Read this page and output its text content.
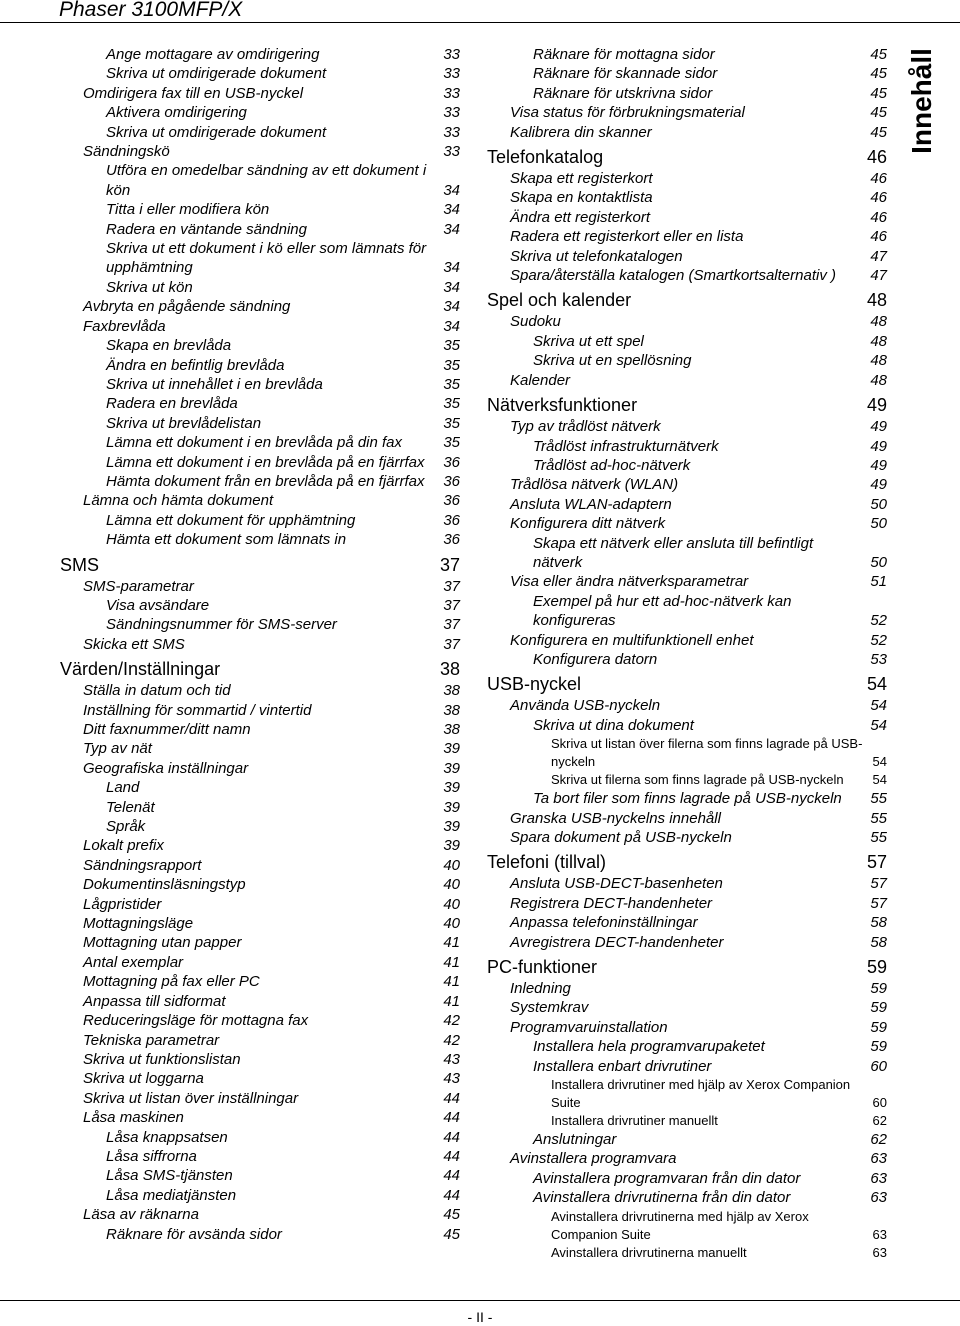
Phaser 3100MFP/X
Innehåll
Ange mottagare av omdirigering	33
Skriva ut omdirigerade dokument	33
Omdirigera fax till en USB-nyckel	33
Aktivera omdirigering	33
Skriva ut omdirigerade dokument	33
Sändningskö	33
Utföra en omedelbar sändning av ett dokument i kön	34
Titta i eller modifiera kön	34
Radera en väntande sändning	34
Skriva ut ett dokument i kö eller som lämnats för upphämtning	34
Skriva ut kön	34
Avbryta en pågående sändning	34
Faxbrevlåda	34
Skapa en brevlåda	35
Ändra en befintlig brevlåda	35
Skriva ut innehållet i en brevlåda	35
Radera en brevlåda	35
Skriva ut brevlådelistan	35
Lämna ett dokument i en brevlåda på din fax	35
Lämna ett dokument i en brevlåda på en fjärrfax	36
Hämta dokument från en brevlåda på en fjärrfax	36
Lämna och hämta dokument	36
Lämna ett dokument för upphämtning	36
Hämta ett dokument som lämnats in	36
SMS	37
SMS-parametrar	37
Visa avsändare	37
Sändningsnummer för SMS-server	37
Skicka ett SMS	37
Värden/Inställningar	38
Ställa in datum och tid	38
Inställning för sommartid / vintertid	38
Ditt faxnummer/ditt namn	38
Typ av nät	39
Geografiska inställningar	39
Land	39
Telenät	39
Språk	39
Lokalt prefix	39
Sändningsrapport	40
Dokumentinsläsningstyp	40
Lågpristider	40
Mottagningsläge	40
Mottagning utan papper	41
Antal exemplar	41
Mottagning på fax eller PC	41
Anpassa till sidformat	41
Reduceringsläge för mottagna fax	42
Tekniska parametrar	42
Skriva ut funktionslistan	43
Skriva ut loggarna	43
Skriva ut listan över inställningar	44
Låsa maskinen	44
Låsa knappsatsen	44
Låsa siffrorna	44
Låsa SMS-tjänsten	44
Låsa mediatjänsten	44
Läsa av räknarna	45
Räknare för avsända sidor	45
Räknare för mottagna sidor	45
Räknare för skannade sidor	45
Räknare för utskrivna sidor	45
Visa status för förbrukningsmaterial	45
Kalibrera din skanner	45
Telefonkatalog	46
Skapa ett registerkort	46
Skapa en kontaktlista	46
Ändra ett registerkort	46
Radera ett registerkort eller en lista	46
Skriva ut telefonkatalogen	47
Spara/återställa katalogen (Smartkortsalternativ )	47
Spel och kalender	48
Sudoku	48
Skriva ut ett spel	48
Skriva ut en spellösning	48
Kalender	48
Nätverksfunktioner	49
Typ av trådlöst nätverk	49
Trådlöst infrastrukturnätverk	49
Trådlöst ad-hoc-nätverk	49
Trådlösa nätverk (WLAN)	49
Ansluta WLAN-adaptern	50
Konfigurera ditt nätverk	50
Skapa ett nätverk eller ansluta till befintligt nätverk	50
Visa eller ändra nätverksparametrar	51
Exempel på hur ett ad-hoc-nätverk kan konfigureras	52
Konfigurera en multifunktionell enhet	52
Konfigurera datorn	53
USB-nyckel	54
Använda USB-nyckeln	54
Skriva ut dina dokument	54
Skriva ut listan över filerna som finns lagrade på USB-nyckeln	54
Skriva ut filerna som finns lagrade på USB-nyckeln	54
Ta bort filer som finns lagrade på USB-nyckeln	55
Granska USB-nyckelns innehåll	55
Spara dokument på USB-nyckeln	55
Telefoni (tillval)	57
Ansluta USB-DECT-basenheten	57
Registrera DECT-handenheter	57
Anpassa telefoninställningar	58
Avregistrera DECT-handenheter	58
PC-funktioner	59
Inledning	59
Systemkrav	59
Programvaruinstallation	59
Installera hela programvarupaketet	59
Installera enbart drivrutiner	60
Installera drivrutiner med hjälp av Xerox Companion Suite	60
Installera drivrutiner manuellt	62
Anslutningar	62
Avinstallera programvara	63
Avinstallera programvaran från din dator	63
Avinstallera drivrutinerna från din dator	63
Avinstallera drivrutinerna med hjälp av Xerox Companion Suite	63
Avinstallera drivrutinerna manuellt	63
- II -
